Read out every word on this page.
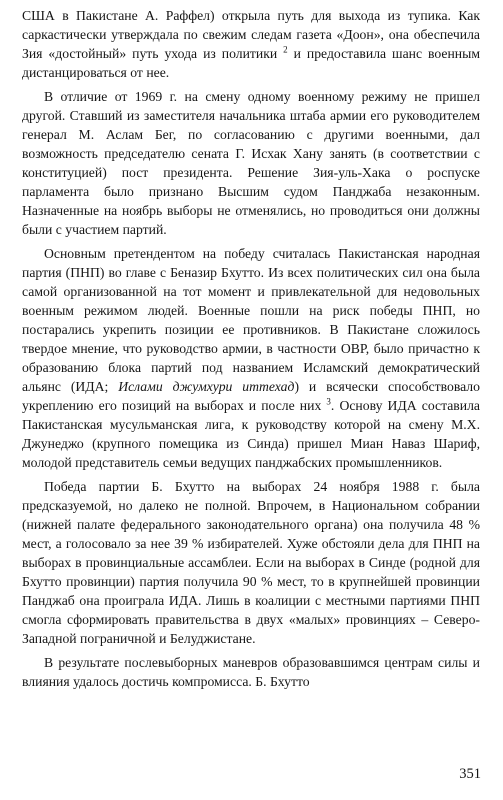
США в Пакистане А. Раффел) открыла путь для выхода из тупика. Как саркастически утверждала по свежим следам газета «Доон», она обеспечила Зия «достойный» путь ухода из политики $^2$ и предоставила шанс военным дистанцироваться от нее.

В отличие от 1969 г. на смену одному военному режиму не пришел другой. Ставший из заместителя начальника штаба армии его руководителем генерал М. Аслам Бег, по согласованию с другими военными, дал возможность председателю сената Г. Исхак Хану занять (в соответствии с конституцией) пост президента. Решение Зия-уль-Хака о роспуске парламента было признано Высшим судом Панджаба незаконным. Назначенные на ноябрь выборы не отменялись, но проводиться они должны были с участием партий.

Основным претендентом на победу считалась Пакистанская народная партия (ПНП) во главе с Беназир Бхутто. Из всех политических сил она была самой организованной на тот момент и привлекательной для недовольных военным режимом людей. Военные пошли на риск победы ПНП, но постарались укрепить позиции ее противников. В Пакистане сложилось твердое мнение, что руководство армии, в частности ОВР, было причастно к образованию блока партий под названием Исламский демократический альянс (ИДА; Ислами джумхури иттехад) и всячески способствовало укреплению его позиций на выборах и после них $^3$. Основу ИДА составила Пакистанская мусульманская лига, к руководству которой на смену М.Х. Джунеджо (крупного помещика из Синда) пришел Миан Наваз Шариф, молодой представитель семьи ведущих панджабских промышленников.

Победа партии Б. Бхутто на выборах 24 ноября 1988 г. была предсказуемой, но далеко не полной. Впрочем, в Национальном собрании (нижней палате федерального законодательного органа) она получила 48 % мест, а голосовало за нее 39 % избирателей. Хуже обстояли дела для ПНП на выборах в провинциальные ассамблеи. Если на выборах в Синде (родной для Бхутто провинции) партия получила 90 % мест, то в крупнейшей провинции Панджаб она проиграла ИДА. Лишь в коалиции с местными партиями ПНП смогла сформировать правительства в двух «малых» провинциях – Северо-Западной пограничной и Белуджистане.

В результате послевыборных маневров образовавшимся центрам силы и влияния удалось достичь компромисса. Б. Бхутто

351
